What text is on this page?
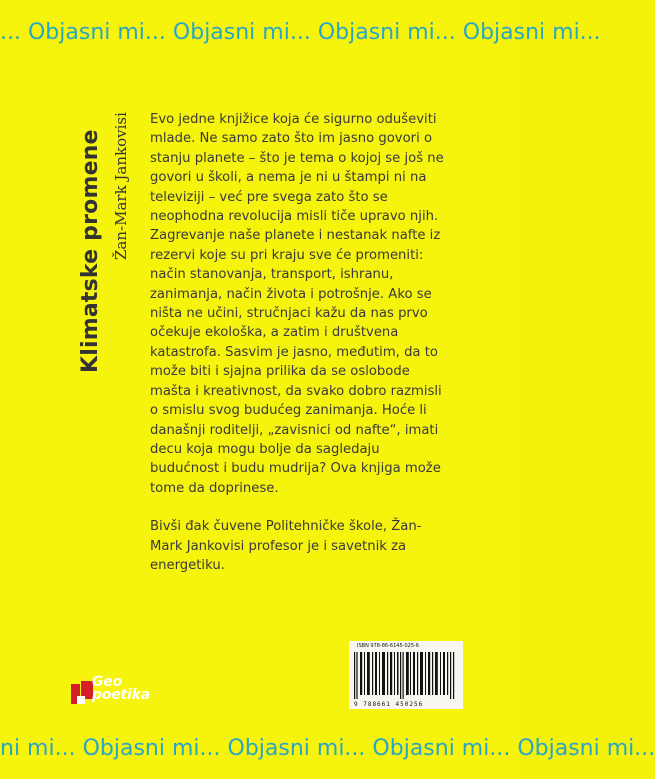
... Objasni mi... Objasni mi... Objasni mi... Objasni mi...
Klimatske promene Žan-Mark Jankovisi Evo jedne knjižice koja će sigurno oduševiti mlade. Ne samo zato što im jasno govori o stanju planete – što je tema o kojoj se još ne govori u školi, a nema je ni u štampi ni na televiziji – već pre svega zato što se neophodna revolucija misli tiče upravo njih. Zagrevanje naše planete i nestanak nafte iz rezervi koje su pri kraju sve će promeniti: način stanovanja, transport, ishranu, zanimanja, način života i potrošnje. Ako se ništa ne učini, stručnjaci kažu da nas prvo očekuje ekološka, a zatim i društvena katastrofa. Sasvim je jasno, međutim, da to može biti i sjajna prilika da se oslobode mašta i kreativnost, da svako dobro razmisli o smislu svog budućeg zanimanja. Hoće li današnji roditelji, „zavisnici od nafte“, imati decu koja mogu bolje da sagledaju budućnost i budu mudrija? Ova knjiga može tome da doprinese.

Bivši đak čuvene Politehničke škole, Žan-Mark Jankovisi profesor je i savetnik za energetiku.

Geo
poetika
ISBN 978-86-6145-025-6
9 788661 450256
ni mi... Objasni mi... Objasni mi... Objasni mi... Objasni mi...
